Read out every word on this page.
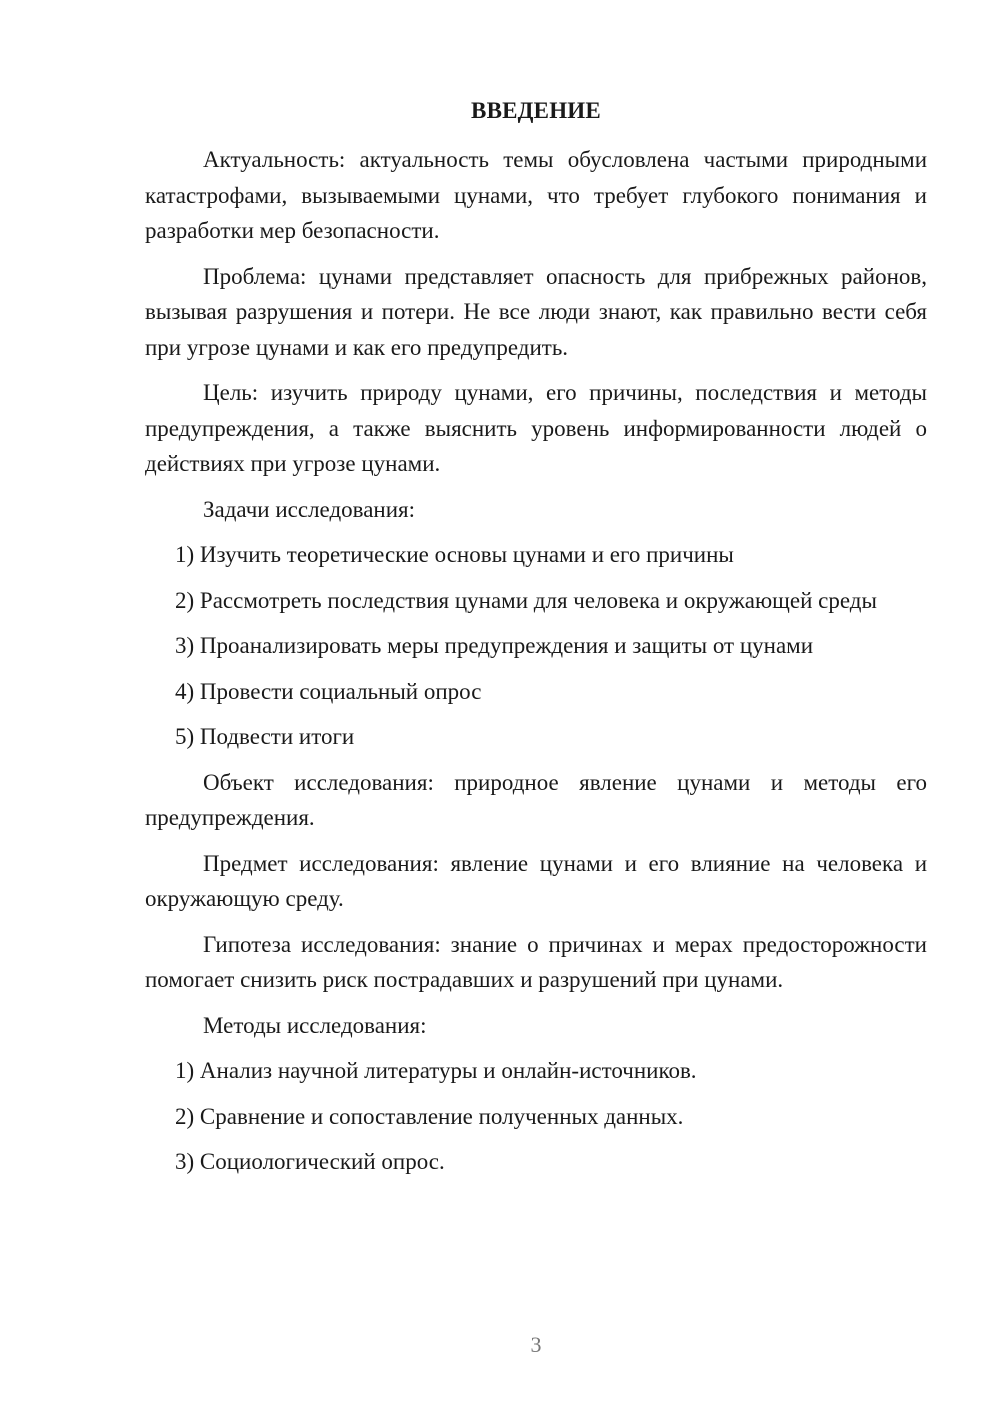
ВВЕДЕНИЕ

Актуальность: актуальность темы обусловлена частыми природными катастрофами, вызываемыми цунами, что требует глубокого понимания и разработки мер безопасности.

Проблема: цунами представляет опасность для прибрежных районов, вызывая разрушения и потери. Не все люди знают, как правильно вести себя при угрозе цунами и как его предупредить.

Цель: изучить природу цунами, его причины, последствия и методы предупреждения, а также выяснить уровень информированности людей о действиях при угрозе цунами.

Задачи исследования:

1) Изучить теоретические основы цунами и его причины

2) Рассмотреть последствия цунами для человека и окружающей среды

3) Проанализировать меры предупреждения и защиты от цунами

4) Провести социальный опрос

5) Подвести итоги

Объект исследования: природное явление цунами и методы его предупреждения.

Предмет исследования: явление цунами и его влияние на человека и окружающую среду.

Гипотеза исследования: знание о причинах и мерах предосторожности помогает снизить риск пострадавших и разрушений при цунами.

Методы исследования:

1) Анализ научной литературы и онлайн-источников.

2) Сравнение и сопоставление полученных данных.

3) Социологический опрос.

3
